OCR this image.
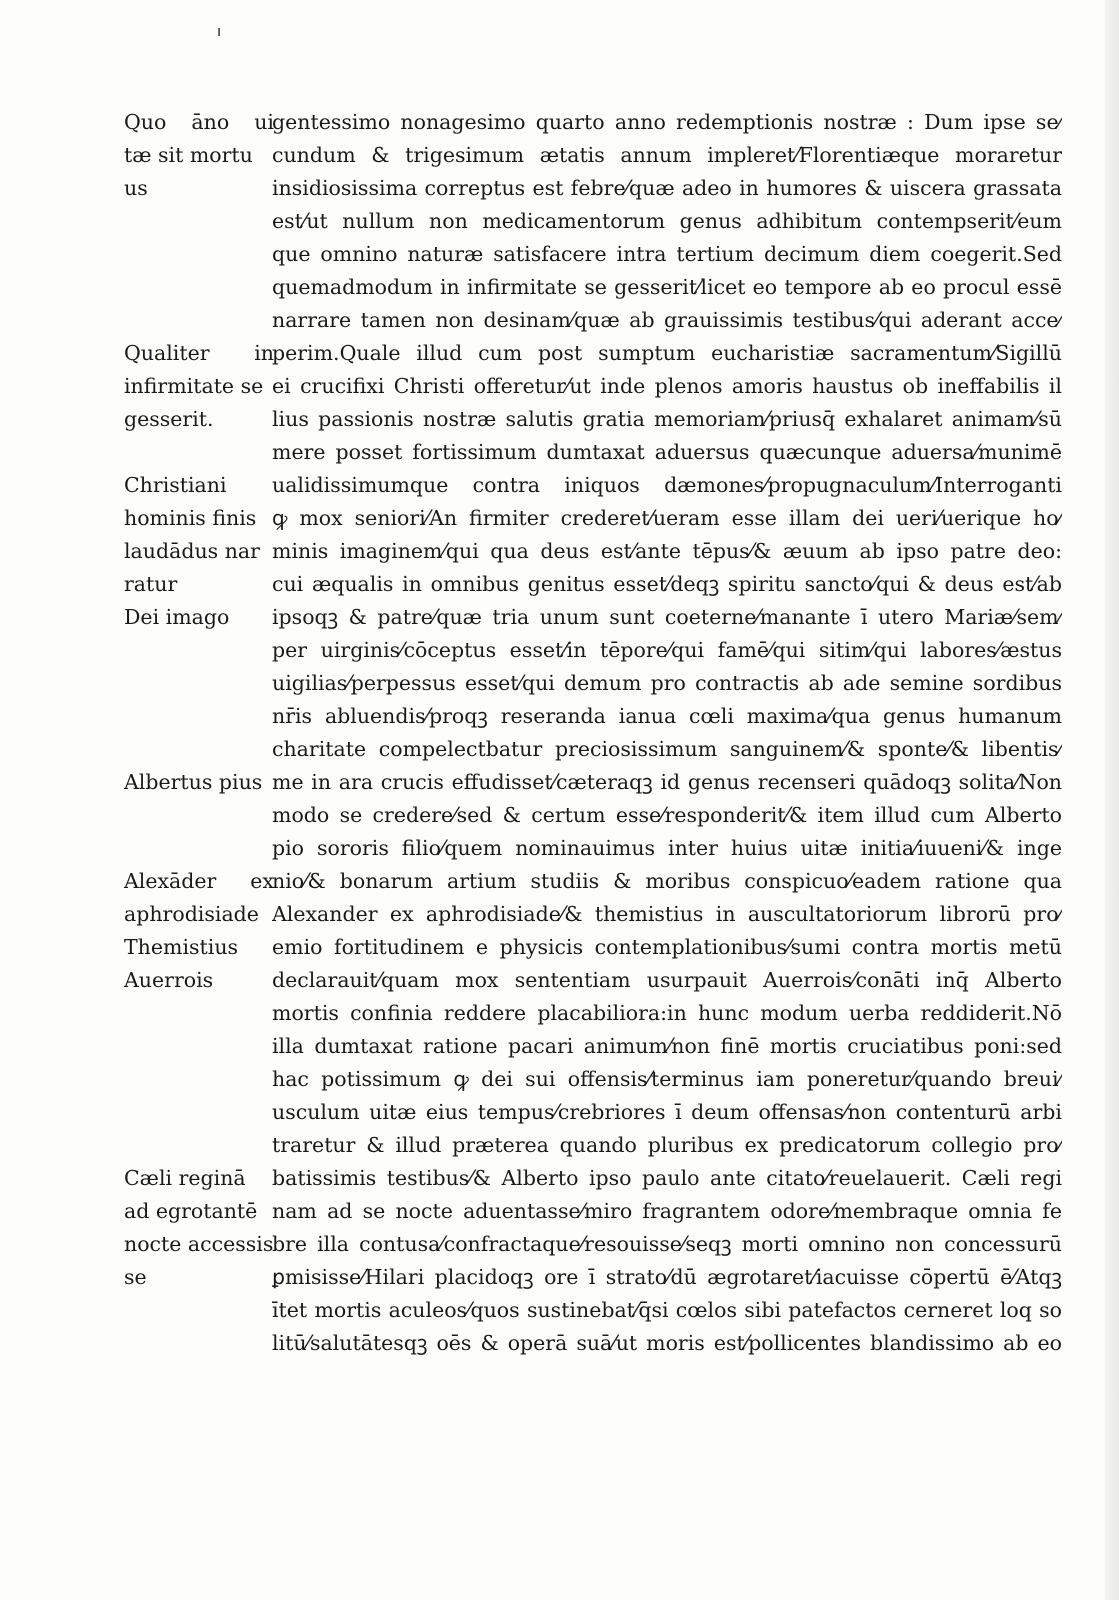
Quo āno ui
tæ sit mortu
us
Qualiter in
infirmitate se
gesserit.
Christiani
hominis finis
laudādus nar
ratur
Dei imago
Albertus pius
Alexāder ex
aphrodisiade
Themistius
Auerrois
Cæli reginā
ad egrotantē
nocte accessis
se
gentessimo nonagesimo quarto anno redemptionis nostræ : Dum ipse se⁄
cundum & trigesimum ætatis annum impleret⁄Florentiæque moraretur
insidiosissima correptus est febre⁄quæ adeo in humores & uiscera grassata
est⁄ut nullum non medicamentorum genus adhibitum contempserit⁄eum
que omnino naturæ satisfacere intra tertium decimum diem coegerit.Sed
quemadmodum in infirmitate se gesserit⁄licet eo tempore ab eo procul essē
narrare tamen non desinam⁄quæ ab grauissimis testibus⁄qui aderant acce⁄
perim.Quale illud cum post sumptum eucharistiæ sacramentum⁄Sigillū
ei crucifixi Christi offeretur⁄ut inde plenos amoris haustus ob ineffabilis il
lius passionis nostræ salutis gratia memoriam⁄priusq̄ exhalaret animam⁄sū
mere posset fortissimum dumtaxat aduersus quæcunque aduersa⁄munimē
ualidissimumque contra iniquos dæmones⁄propugnaculum⁄Interroganti
ꝙ mox seniori⁄An firmiter crederet⁄ueram esse illam dei ueri⁄uerique ho⁄
minis imaginem⁄qui qua deus est⁄ante tēpus⁄& æuum ab ipso patre deo:
cui æqualis in omnibus genitus esset⁄deqꝫ spiritu sancto⁄qui & deus est⁄ab
ipsoqꝫ & patre⁄quæ tria unum sunt coeterne⁄manante ī utero Mariæ⁄sem⁄
per uirginis⁄cōceptus esset⁄in tēpore⁄qui famē⁄qui sitim⁄qui labores⁄æstus
uigilias⁄perpessus esset⁄qui demum pro contractis ab ade semine sordibus
nr̄is abluendis⁄proqꝫ reseranda ianua cœli maxima⁄qua genus humanum
charitate compelectbatur preciosissimum sanguinem⁄& sponte⁄& libentis⁄
me in ara crucis effudisset⁄cæteraqꝫ id genus recenseri quādoqꝫ solita⁄Non
modo se credere⁄sed & certum esse⁄responderit⁄& item illud cum Alberto
pio sororis filio⁄quem nominauimus inter huius uitæ initia⁄iuueni⁄& inge
nio⁄& bonarum artium studiis & moribus conspicuo⁄eadem ratione qua
Alexander ex aphrodisiade⁄& themistius in auscultatoriorum librorū pro⁄
emio fortitudinem e physicis contemplationibus⁄sumi contra mortis metū
declarauit⁄quam mox sententiam usurpauit Auerrois⁄conāti inq̄ Alberto
mortis confinia reddere placabiliora:in hunc modum uerba reddiderit.Nō
illa dumtaxat ratione pacari animum⁄non finē mortis cruciatibus poni:sed
hac potissimum ꝙ dei sui offensis⁄terminus iam poneretur⁄quando breui⁄
usculum uitæ eius tempus⁄crebriores ī deum offensas⁄non contenturū arbi
traretur & illud præterea quando pluribus ex predicatorum collegio pro⁄
batissimis testibus⁄& Alberto ipso paulo ante citato⁄reuelauerit. Cæli regi
nam ad se nocte aduentasse⁄miro fragrantem odore⁄membraque omnia fe
bre illa contusa⁄confractaque⁄resouisse⁄seqꝫ morti omnino non concessurū
ꝑmisisse⁄Hilari placidoqꝫ ore ī strato⁄dū ægrotaret⁄iacuisse cōpertū ē⁄Atqꝫ
ītet mortis aculeos⁄quos sustinebat⁄q̄si cœlos sibi patefactos cerneret loq so
litū⁄salutātesqꝫ oēs & operā suā⁄ut moris est⁄pollicentes blandissimo ab eo
